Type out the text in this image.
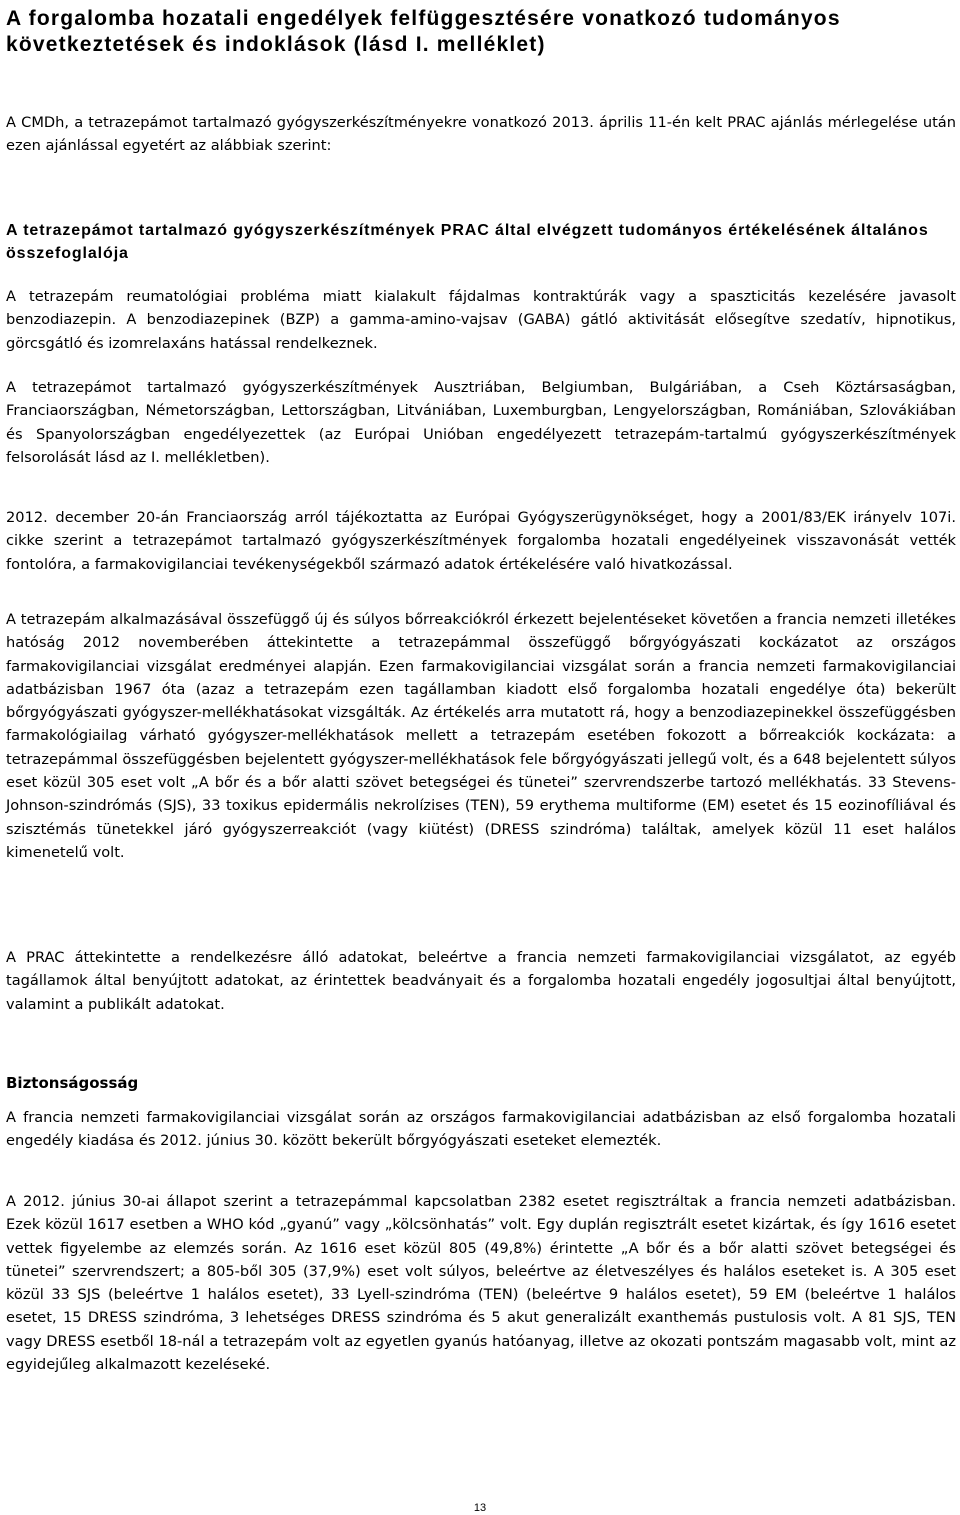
A forgalomba hozatali engedélyek felfüggesztésére vonatkozó tudományos következtetések és indoklások (lásd I. melléklet)

A CMDh, a tetrazepámot tartalmazó gyógyszerkészítményekre vonatkozó 2013. április 11-én kelt PRAC ajánlás mérlegelése után ezen ajánlással egyetért az alábbiak szerint:

A tetrazepámot tartalmazó gyógyszerkészítmények PRAC által elvégzett tudományos értékelésének általános összefoglalója

A tetrazepám reumatológiai probléma miatt kialakult fájdalmas kontraktúrák vagy a spaszticitás kezelésére javasolt benzodiazepin. A benzodiazepinek (BZP) a gamma-amino-vajsav (GABA) gátló aktivitását elősegítve szedatív, hipnotikus, görcsgátló és izomrelaxáns hatással rendelkeznek.

A tetrazepámot tartalmazó gyógyszerkészítmények Ausztriában, Belgiumban, Bulgáriában, a Cseh Köztársaságban, Franciaországban, Németországban, Lettországban, Litvániában, Luxemburgban, Lengyelországban, Romániában, Szlovákiában és Spanyolországban engedélyezettek (az Európai Unióban engedélyezett tetrazepám-tartalmú gyógyszerkészítmények felsorolását lásd az I. mellékletben).

2012. december 20-án Franciaország arról tájékoztatta az Európai Gyógyszerügynökséget, hogy a 2001/83/EK irányelv 107i. cikke szerint a tetrazepámot tartalmazó gyógyszerkészítmények forgalomba hozatali engedélyeinek visszavonását vették fontolóra, a farmakovigilanciai tevékenységekből származó adatok értékelésére való hivatkozással.

A tetrazepám alkalmazásával összefüggő új és súlyos bőrreakciókról érkezett bejelentéseket követően a francia nemzeti illetékes hatóság 2012 novemberében áttekintette a tetrazepámmal összefüggő bőrgyógyászati kockázatot az országos farmakovigilanciai vizsgálat eredményei alapján. Ezen farmakovigilanciai vizsgálat során a francia nemzeti farmakovigilanciai adatbázisban 1967 óta (azaz a tetrazepám ezen tagállamban kiadott első forgalomba hozatali engedélye óta) bekerült bőrgyógyászati gyógyszer-mellékhatásokat vizsgálták. Az értékelés arra mutatott rá, hogy a benzodiazepinekkel összefüggésben farmakológiailag várható gyógyszer-mellékhatások mellett a tetrazepám esetében fokozott a bőrreakciók kockázata: a tetrazepámmal összefüggésben bejelentett gyógyszer-mellékhatások fele bőrgyógyászati jellegű volt, és a 648 bejelentett súlyos eset közül 305 eset volt „A bőr és a bőr alatti szövet betegségei és tünetei” szervrendszerbe tartozó mellékhatás. 33 Stevens-Johnson-szindrómás (SJS), 33 toxikus epidermális nekrolízises (TEN), 59 erythema multiforme (EM) esetet és 15 eozinofíliával és szisztémás tünetekkel járó gyógyszerreakciót (vagy kiütést) (DRESS szindróma) találtak, amelyek közül 11 eset halálos kimenetelű volt.

A PRAC áttekintette a rendelkezésre álló adatokat, beleértve a francia nemzeti farmakovigilanciai vizsgálatot, az egyéb tagállamok által benyújtott adatokat, az érintettek beadványait és a forgalomba hozatali engedély jogosultjai által benyújtott, valamint a publikált adatokat.

Biztonságosság

A francia nemzeti farmakovigilanciai vizsgálat során az országos farmakovigilanciai adatbázisban az első forgalomba hozatali engedély kiadása és 2012. június 30. között bekerült bőrgyógyászati eseteket elemezték.

A 2012. június 30-ai állapot szerint a tetrazepámmal kapcsolatban 2382 esetet regisztráltak a francia nemzeti adatbázisban. Ezek közül 1617 esetben a WHO kód „gyanú” vagy „kölcsönhatás” volt. Egy duplán regisztrált esetet kizártak, és így 1616 esetet vettek figyelembe az elemzés során. Az 1616 eset közül 805 (49,8%) érintette „A bőr és a bőr alatti szövet betegségei és tünetei” szervrendszert; a 805-ből 305 (37,9%) eset volt súlyos, beleértve az életveszélyes és halálos eseteket is. A 305 eset közül 33 SJS (beleértve 1 halálos esetet), 33 Lyell-szindróma (TEN) (beleértve 9 halálos esetet), 59 EM (beleértve 1 halálos esetet, 15 DRESS szindróma, 3 lehetséges DRESS szindróma és 5 akut generalizált exanthemás pustulosis volt. A 81 SJS, TEN vagy DRESS esetből 18-nál a tetrazepám volt az egyetlen gyanús hatóanyag, illetve az okozati pontszám magasabb volt, mint az egyidejűleg alkalmazott kezeléseké.

13
